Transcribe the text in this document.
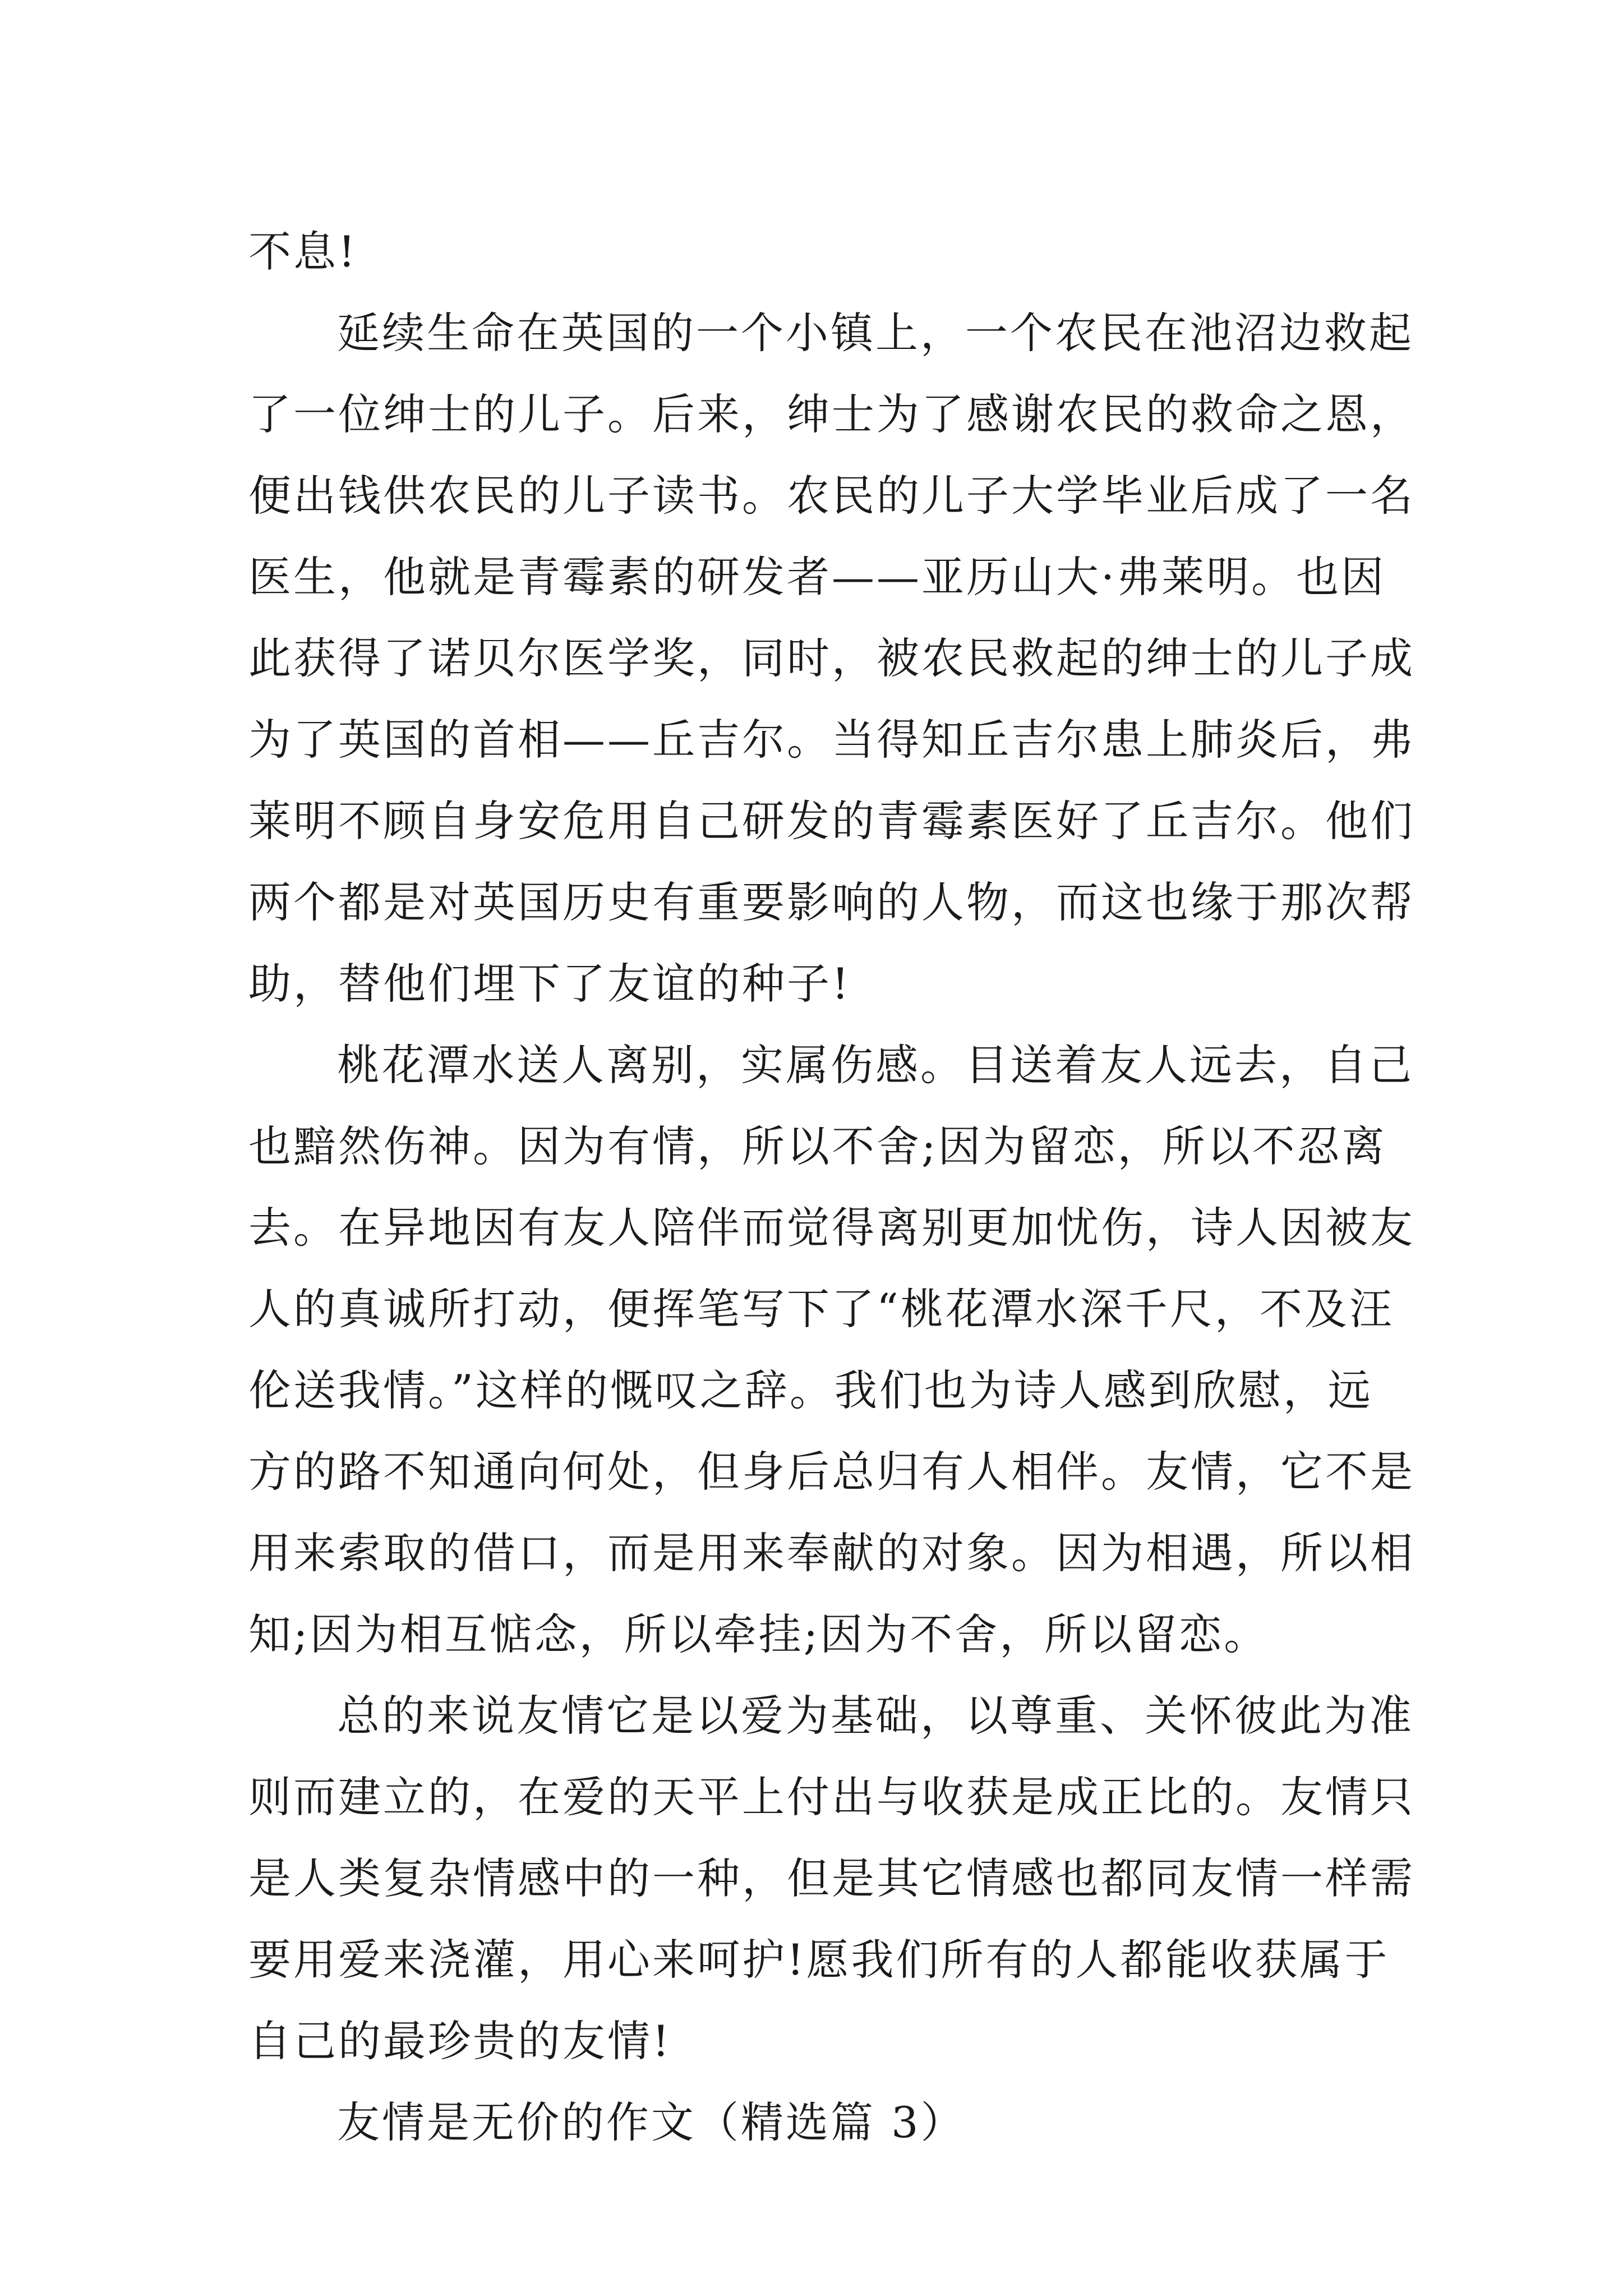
不息!
延续生命在英国的一个小镇上，一个农民在池沼边救起
了一位绅士的儿子。后来，绅士为了感谢农民的救命之恩，
便出钱供农民的儿子读书。农民的儿子大学毕业后成了一名
医生，他就是青霉素的研发者——亚历山大·弗莱明。也因
此获得了诺贝尔医学奖，同时，被农民救起的绅士的儿子成
为了英国的首相——丘吉尔。当得知丘吉尔患上肺炎后，弗
莱明不顾自身安危用自己研发的青霉素医好了丘吉尔。他们
两个都是对英国历史有重要影响的人物，而这也缘于那次帮
助，替他们埋下了友谊的种子!
桃花潭水送人离别，实属伤感。目送着友人远去，自己
也黯然伤神。因为有情，所以不舍;因为留恋，所以不忍离
去。在异地因有友人陪伴而觉得离别更加忧伤，诗人因被友
人的真诚所打动，便挥笔写下了“桃花潭水深千尺，不及汪
伦送我情。”这样的慨叹之辞。我们也为诗人感到欣慰，远
方的路不知通向何处，但身后总归有人相伴。友情，它不是
用来索取的借口，而是用来奉献的对象。因为相遇，所以相
知;因为相互惦念，所以牵挂;因为不舍，所以留恋。
总的来说友情它是以爱为基础，以尊重、关怀彼此为准
则而建立的，在爱的天平上付出与收获是成正比的。友情只
是人类复杂情感中的一种，但是其它情感也都同友情一样需
要用爱来浇灌，用心来呵护!愿我们所有的人都能收获属于
自己的最珍贵的友情!
友情是无价的作文（精选篇 3）
